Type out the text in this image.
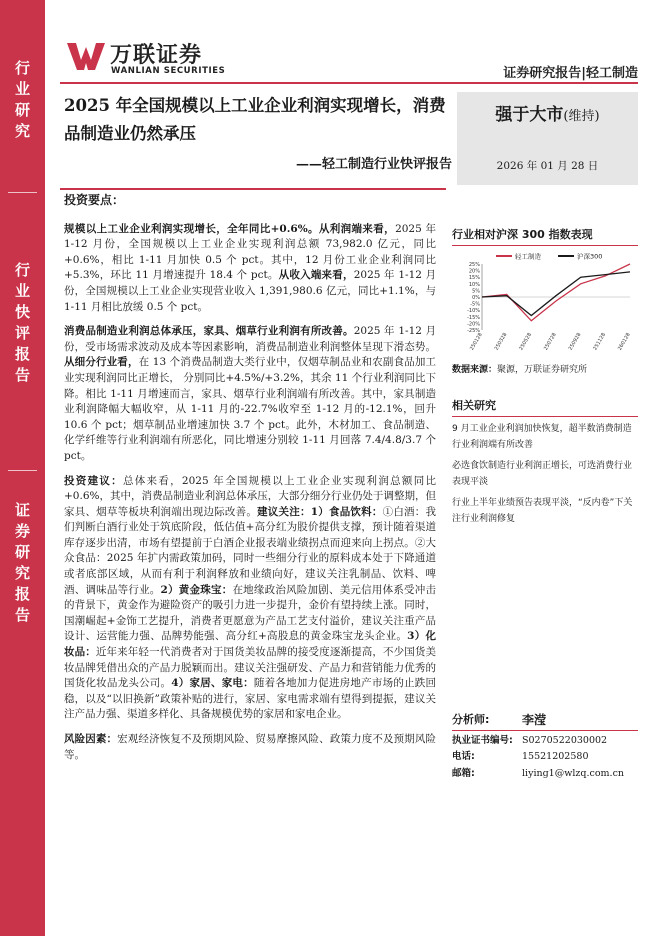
行
业
研
究
行
业
快
评
报
告
证
券
研
究
报
告
万联证券
WANLIAN SECURITIES	证券研究报告|轻工制造
2025 年全国规模以上工业企业利润实现增长，消费品制造业仍然承压
——轻工制造行业快评报告
强于大市(维持)
2026 年 01 月 28 日
投资要点：
规模以上工业企业利润实现增长，全年同比+0.6%。从利润端来看，2025 年 1-12 月份，全国规模以上工业企业实现利润总额 73,982.0 亿元，同比+0.6%，相比 1-11 月加快 0.5 个 pct。其中，12 月份工业企业利润同比+5.3%，环比 11 月增速提升 18.4 个 pct。从收入端来看，2025 年 1-12 月份，全国规模以上工业企业实现营业收入 1,391,980.6 亿元，同比+1.1%，与 1-11 月相比放缓 0.5 个 pct。
消费品制造业利润总体承压，家具、烟草行业利润有所改善。2025 年 1-12 月份，受市场需求波动及成本等因素影响，消费品制造业利润整体呈现下滑态势。从细分行业看，在 13 个消费品制造大类行业中，仅烟草制品业和农副食品加工业实现利润同比正增长， 分别同比+4.5%/+3.2%，其余 11 个行业利润同比下降。相比 1-11 月增速而言，家具、烟草行业利润端有所改善。其中，家具制造业利润降幅大幅收窄，从 1-11 月的-22.7%收窄至 1-12 月的-12.1%，回升 10.6 个 pct；烟草制品业增速加快 3.7 个 pct。此外，木材加工、食品制造、化学纤维等行业利润端有所恶化，同比增速分别较 1-11 月回落 7.4/4.8/3.7 个 pct。
投资建议：总体来看，2025 年全国规模以上工业企业实现利润总额同比+0.6%，其中，消费品制造业利润总体承压，大部分细分行业仍处于调整期，但家具、烟草等板块利润端出现边际改善。建议关注：1）食品饮料：①白酒：我们判断白酒行业处于筑底阶段，低估值+高分红为股价提供支撑，预计随着渠道库存逐步出清，市场有望提前于白酒企业报表端业绩拐点而迎来向上拐点。②大众食品：2025 年扩内需政策加码，同时一些细分行业的原料成本处于下降通道或者底部区域，从而有利于利润释放和业绩向好，建议关注乳制品、饮料、啤酒、调味品等行业。2）黄金珠宝：在地缘政治风险加剧、美元信用体系受冲击的背景下，黄金作为避险资产的吸引力进一步提升，金价有望持续上涨。同时，国潮崛起+金饰工艺提升，消费者更愿意为产品工艺支付溢价，建议关注重产品设计、运营能力强、品牌势能强、高分红+高股息的黄金珠宝龙头企业。3）化妆品：近年来年轻一代消费者对于国货美妆品牌的接受度逐渐提高，不少国货美妆品牌凭借出众的产品力脱颖而出。建议关注强研发、产品力和营销能力优秀的国货化妆品龙头公司。4）家居、家电：随着各地加力促进房地产市场的止跌回稳，以及“以旧换新”政策补贴的进行，家居、家电需求端有望得到提振，建议关注产品力强、渠道多样化、具备规模优势的家居和家电企业。
风险因素：宏观经济恢复不及预期风险、贸易摩擦风险、政策力度不及预期风险等。
行业相对沪深 300 指数表现
25%
20%
15%
10%
5%
0%
-5%
-10%
-15%
-20%
-25%
250128 250328 250528 250728 250928 251128 260128
轻工制造	沪深300
数据来源：聚源，万联证券研究所
相关研究
9 月工业企业利润加快恢复，超半数消费制造行业利润端有所改善
必选食饮制造行业利润正增长，可选消费行业表现平淡
行业上半年业绩预告表现平淡，“反内卷”下关注行业利润修复
分析师:	李滢
执业证书编号: S0270522030002
电话:	15521202580
邮箱:	liying1@wlzq.com.cn
